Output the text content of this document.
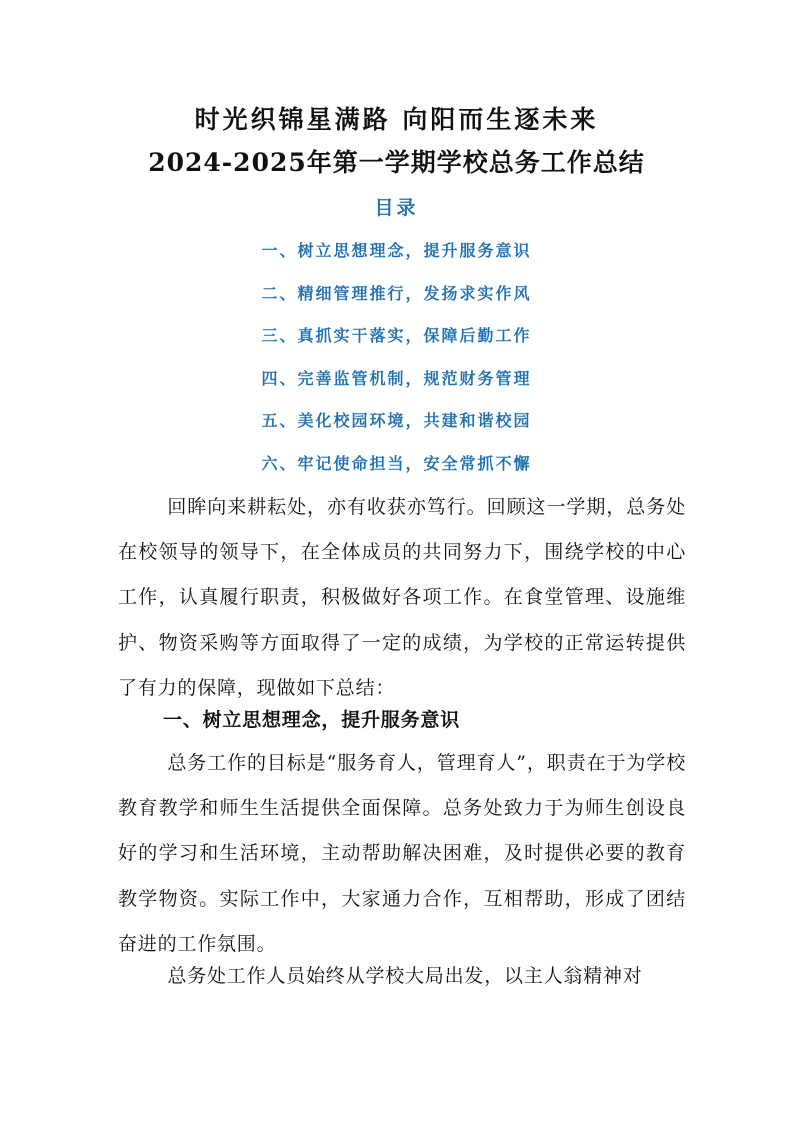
时光织锦星满路 向阳而生逐未来
2024-2025年第一学期学校总务工作总结
目录
一、树立思想理念，提升服务意识
二、精细管理推行，发扬求实作风
三、真抓实干落实，保障后勤工作
四、完善监管机制，规范财务管理
五、美化校园环境，共建和谐校园
六、牢记使命担当，安全常抓不懈

回眸向来耕耘处，亦有收获亦笃行。回顾这一学期，总务处在校领导的领导下，在全体成员的共同努力下，围绕学校的中心工作，认真履行职责，积极做好各项工作。在食堂管理、设施维护、物资采购等方面取得了一定的成绩，为学校的正常运转提供了有力的保障，现做如下总结：

一、树立思想理念，提升服务意识

总务工作的目标是“服务育人，管理育人”，职责在于为学校教育教学和师生生活提供全面保障。总务处致力于为师生创设良好的学习和生活环境，主动帮助解决困难，及时提供必要的教育教学物资。实际工作中，大家通力合作，互相帮助，形成了团结奋进的工作氛围。

总务处工作人员始终从学校大局出发，以主人翁精神对
